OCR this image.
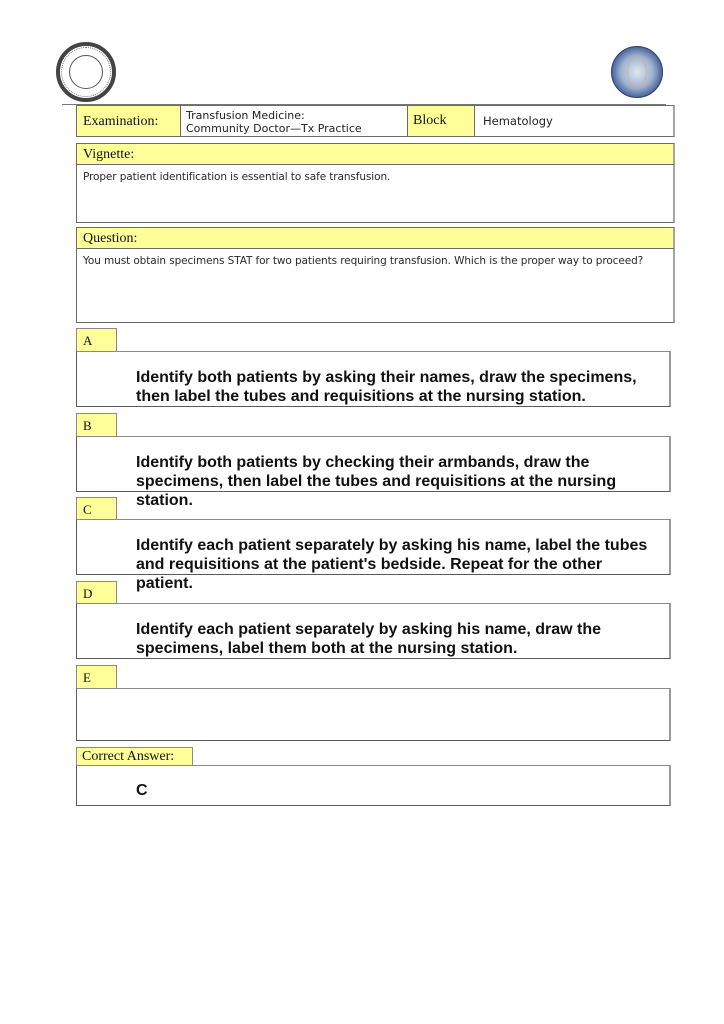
Examination:	Transfusion Medicine:
Community Doctor—Tx Practice
Block	Hematology
Vignette:
Proper patient identification is essential to safe transfusion.
Question:
You must obtain specimens STAT for two patients requiring transfusion. Which is the proper way to proceed?
A
Identify both patients by asking their names, draw the specimens, then label the tubes and requisitions at the nursing station.
B
Identify both patients by checking their armbands, draw the specimens, then label the tubes and requisitions at the nursing station.
C
Identify each patient separately by asking his name, label the tubes and requisitions at the patient's bedside. Repeat for the other patient.
D
Identify each patient separately by asking his name, draw the specimens, label them both at the nursing station.
E
Correct Answer:
C
